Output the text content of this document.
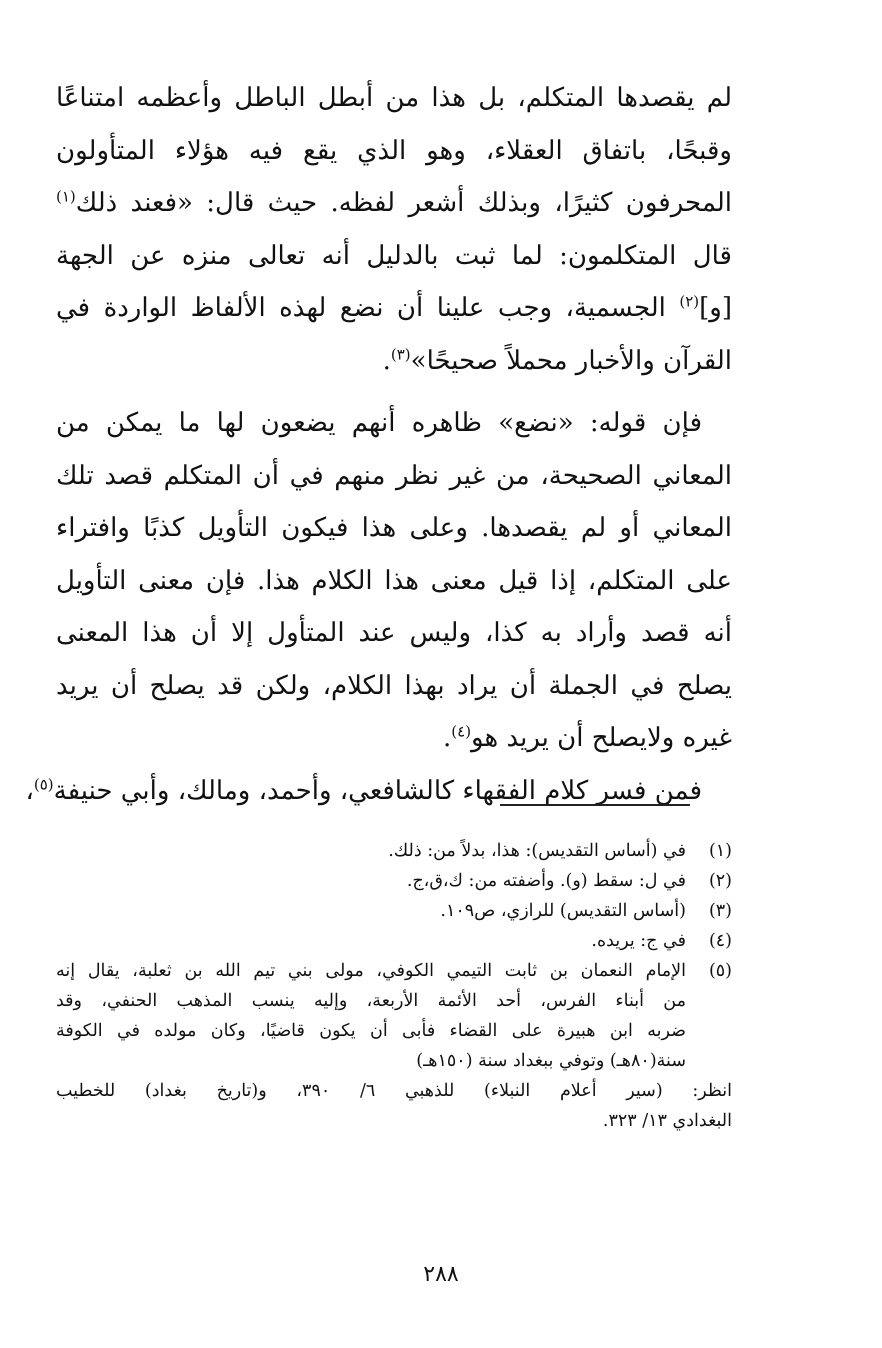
لم يقصدها المتكلم، بل هذا من أبطل الباطل وأعظمه امتناعًا
وقبحًا، باتفاق العقلاء، وهو الذي يقع فيه هؤلاء المتأولون
المحرفون كثيرًا، وبذلك أشعر لفظه. حيث قال: «فعند ذلك$^{(١)}$
قال المتكلمون: لما ثبت بالدليل أنه تعالى منزه عن الجهة
[و]$^{(٢)}$ الجسمية، وجب علينا أن نضع لهذه الألفاظ الواردة في
القرآن والأخبار محملاً صحيحًا»$^{(٣)}$.
فإن قوله: «نضع» ظاهره أنهم يضعون لها ما يمكن من
المعاني الصحيحة، من غير نظر منهم في أن المتكلم قصد تلك
المعاني أو لم يقصدها. وعلى هذا فيكون التأويل كذبًا وافتراء
على المتكلم، إذا قيل معنى هذا الكلام هذا. فإن معنى التأويل
أنه قصد وأراد به كذا، وليس عند المتأول إلا أن هذا المعنى
يصلح في الجملة أن يراد بهذا الكلام، ولكن قد يصلح أن يريد
غيره ولايصلح أن يريد هو$^{(٤)}$.
فمن فسر كلام الفقهاء كالشافعي، وأحمد، ومالك، وأبي حنيفة$^{(٥)}$،
(١)
في (أساس التقديس): هذا، بدلاً من: ذلك.
(٢)
في ل: سقط (و). وأضفته من: ك،ق،ج.
(٣)
(أساس التقديس) للرازي، ص١٠٩.
(٤)
في ج: يريده.
(٥)
الإمام النعمان بن ثابت التيمي الكوفي، مولى بني تيم الله بن ثعلبة، يقال إنه
من أبناء الفرس، أحد الأئمة الأربعة، وإليه ينسب المذهب الحنفي، وقد
ضربه ابن هبيرة على القضاء فأبى أن يكون قاضيًا، وكان مولده في الكوفة
سنة(٨٠هـ) وتوفي ببغداد سنة (١٥٠هـ)
انظر: (سير أعلام النبلاء) للذهبي ٦/ ٣٩٠، و(تاريخ بغداد) للخطيب
البغدادي ١٣/ ٣٢٣.
٢٨٨
